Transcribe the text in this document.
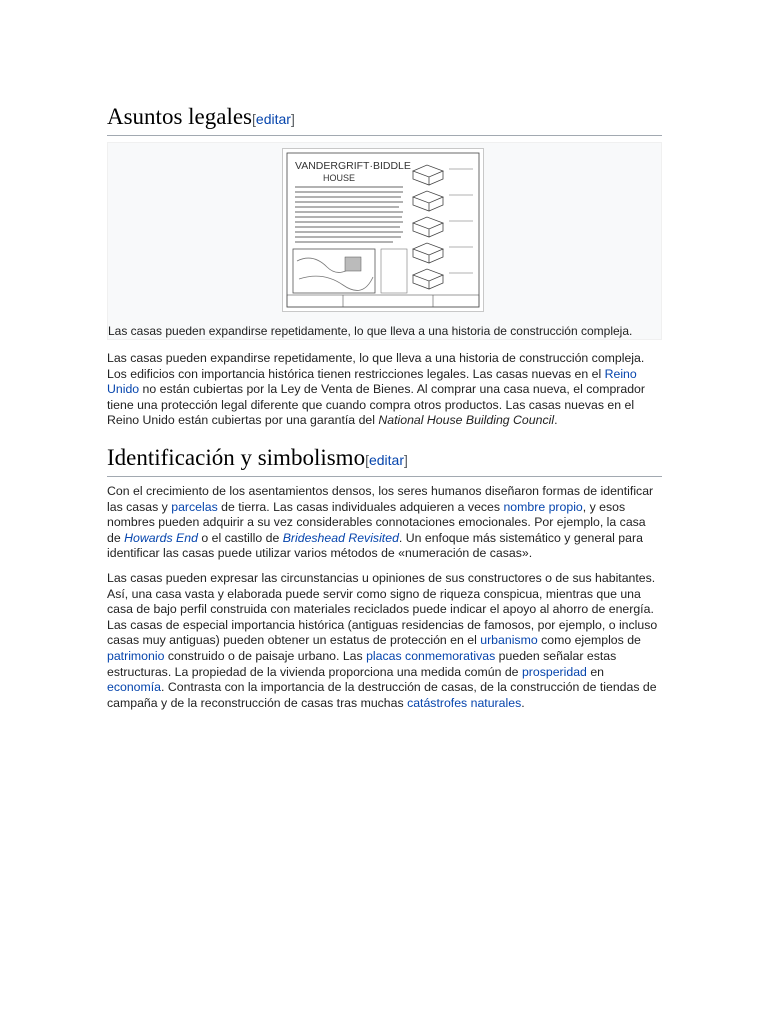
Asuntos legales[editar]
VANDERGRIFT·BIDDLE
HOUSE
Las casas pueden expandirse repetidamente, lo que lleva a una historia de construcción compleja.

Las casas pueden expandirse repetidamente, lo que lleva a una historia de construcción compleja. Los edificios con importancia histórica tienen restricciones legales. Las casas nuevas en el Reino Unido no están cubiertas por la Ley de Venta de Bienes. Al comprar una casa nueva, el comprador tiene una protección legal diferente que cuando compra otros productos. Las casas nuevas en el Reino Unido están cubiertas por una garantía del National House Building Council.

Identificación y simbolismo[editar]

Con el crecimiento de los asentamientos densos, los seres humanos diseñaron formas de identificar las casas y parcelas de tierra. Las casas individuales adquieren a veces nombre propio, y esos nombres pueden adquirir a su vez considerables connotaciones emocionales. Por ejemplo, la casa de Howards End o el castillo de Brideshead Revisited. Un enfoque más sistemático y general para identificar las casas puede utilizar varios métodos de «numeración de casas».

Las casas pueden expresar las circunstancias u opiniones de sus constructores o de sus habitantes. Así, una casa vasta y elaborada puede servir como signo de riqueza conspicua, mientras que una casa de bajo perfil construida con materiales reciclados puede indicar el apoyo al ahorro de energía. Las casas de especial importancia histórica (antiguas residencias de famosos, por ejemplo, o incluso casas muy antiguas) pueden obtener un estatus de protección en el urbanismo como ejemplos de patrimonio construido o de paisaje urbano. Las placas conmemorativas pueden señalar estas estructuras. La propiedad de la vivienda proporciona una medida común de prosperidad en economía. Contrasta con la importancia de la destrucción de casas, de la construcción de tiendas de campaña y de la reconstrucción de casas tras muchas catástrofes naturales.
